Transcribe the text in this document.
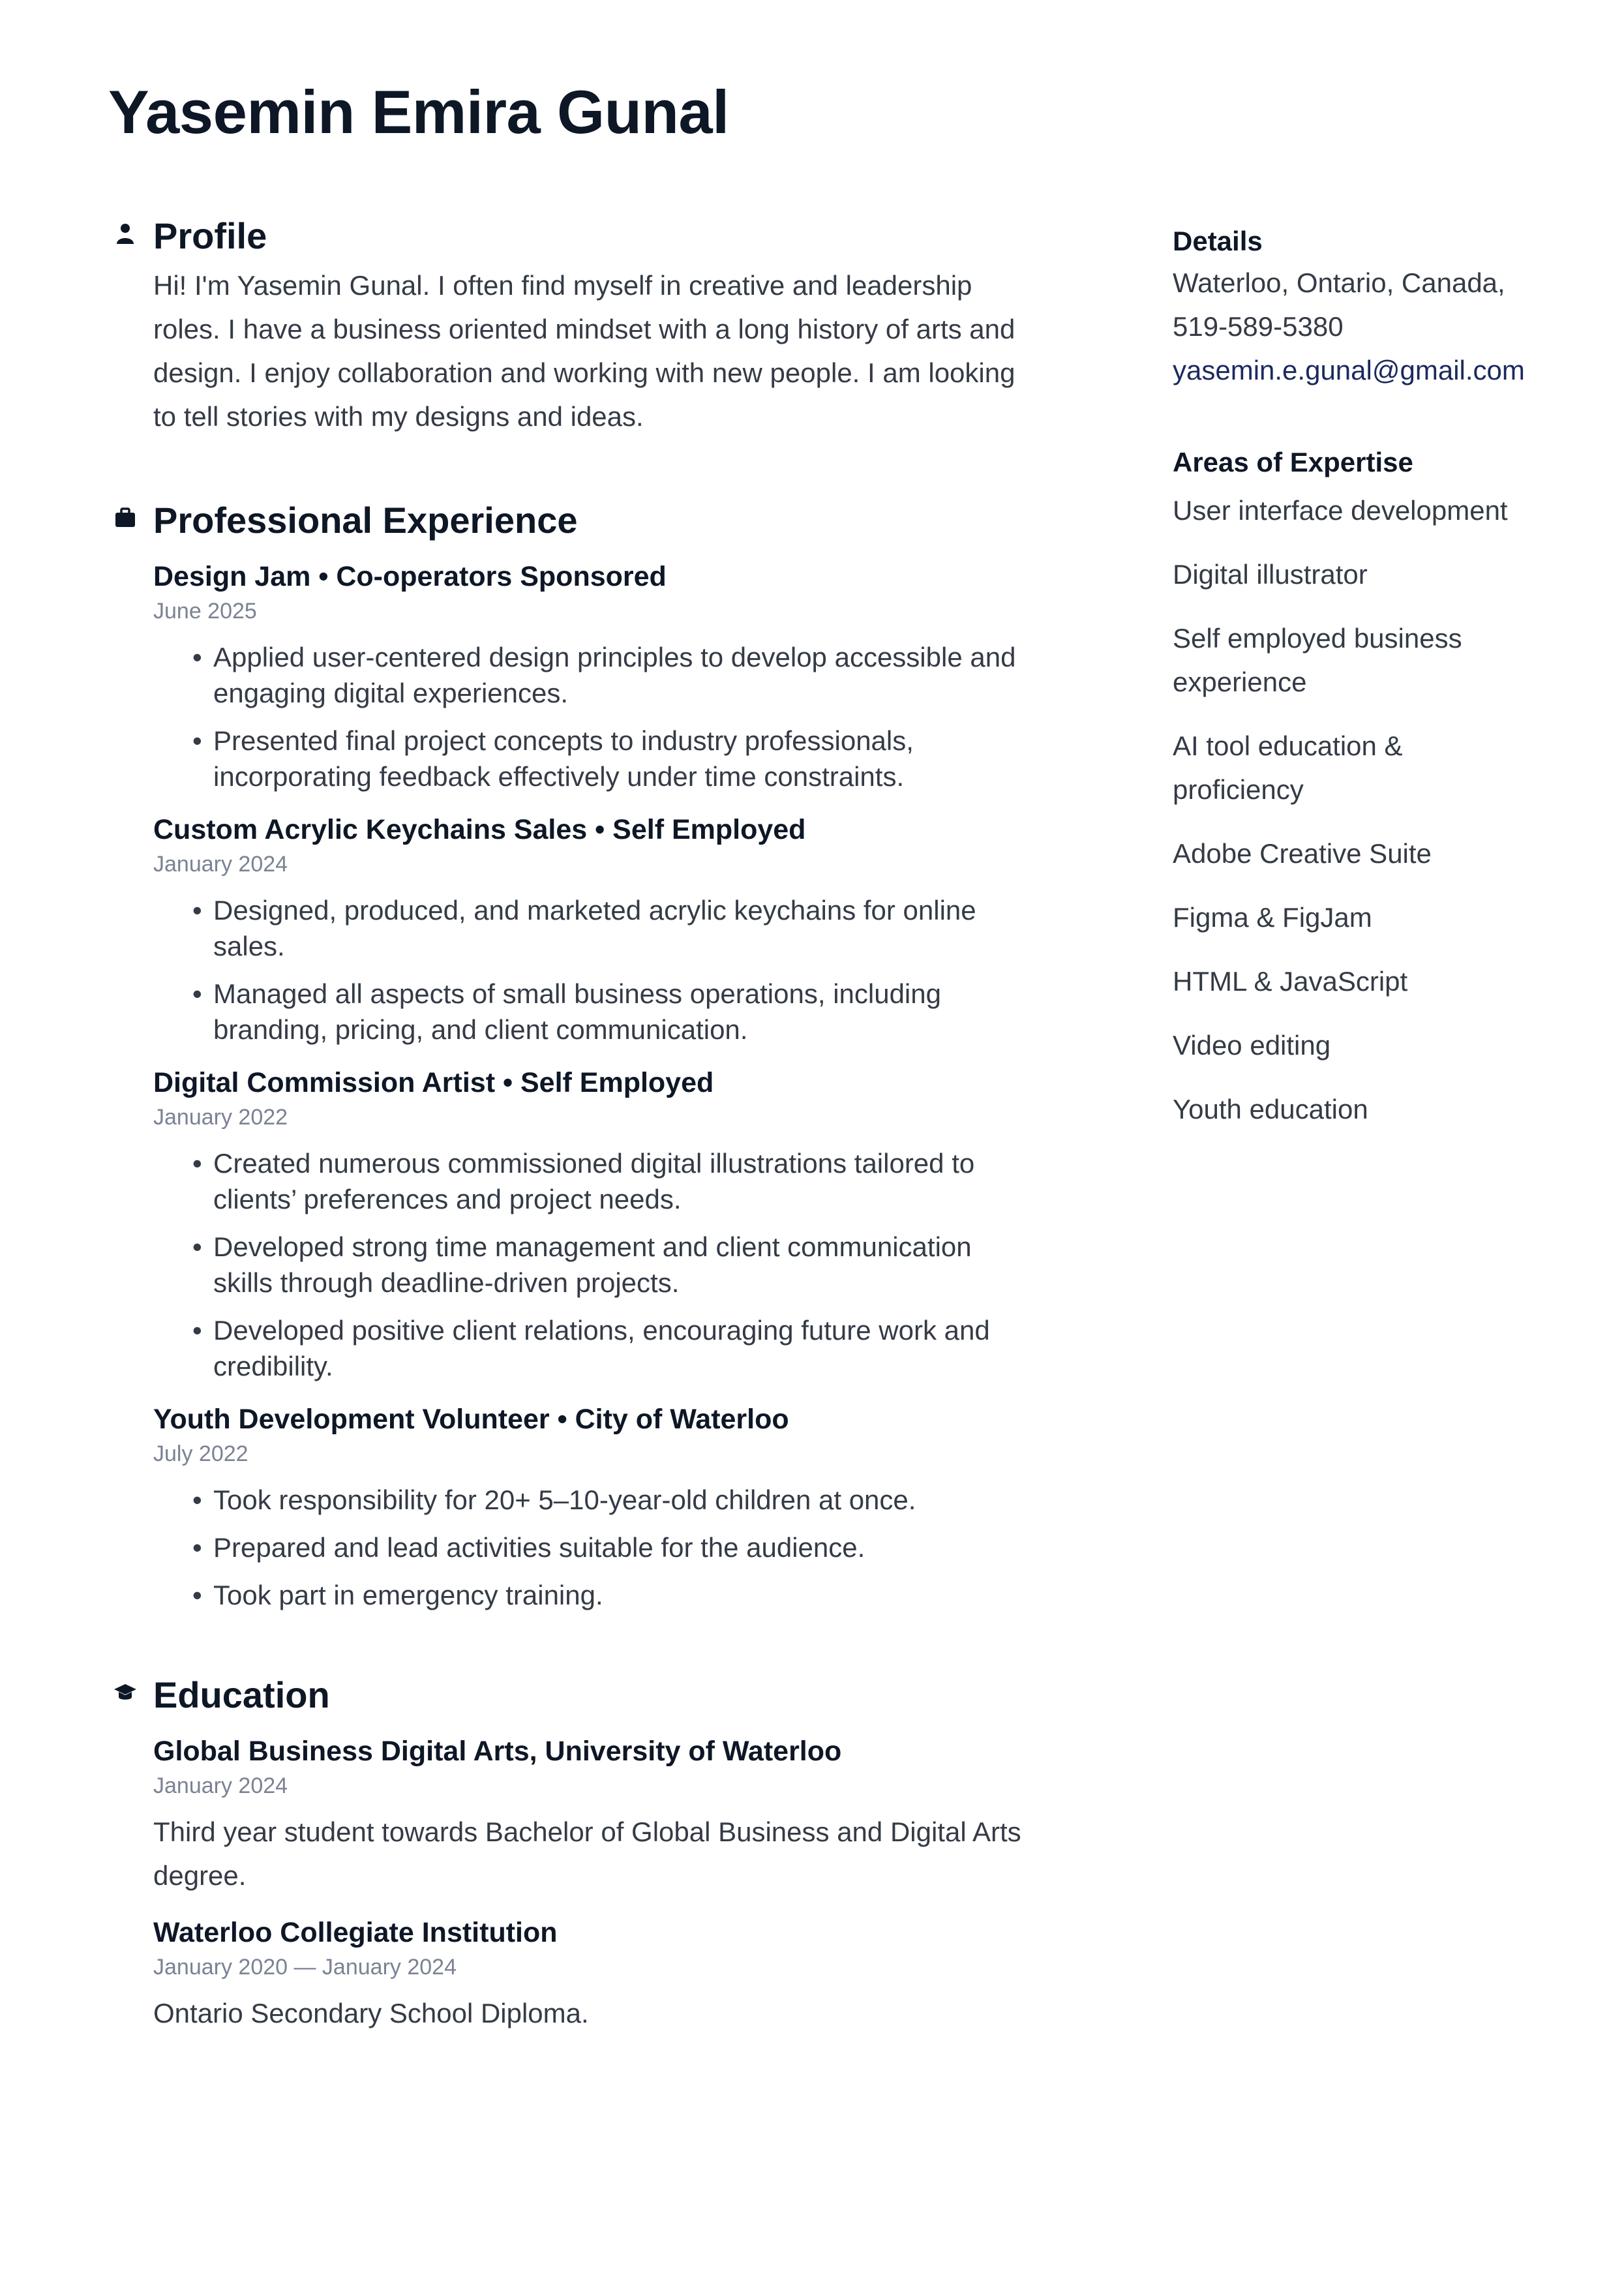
Yasemin Emira Gunal
Profile

Hi! I'm Yasemin Gunal. I often find myself in creative and leadership roles. I have a business oriented mindset with a long history of arts and design. I enjoy collaboration and working with new people. I am looking to tell stories with my designs and ideas.

Professional Experience
Design Jam • Co-operators Sponsored
June 2025
• Applied user-centered design principles to develop accessible and engaging digital experiences.
• Presented final project concepts to industry professionals, incorporating feedback effectively under time constraints.
Custom Acrylic Keychains Sales • Self Employed
January 2024
• Designed, produced, and marketed acrylic keychains for online sales.
• Managed all aspects of small business operations, including branding, pricing, and client communication.
Digital Commission Artist • Self Employed
January 2022
• Created numerous commissioned digital illustrations tailored to clients’ preferences and project needs.
• Developed strong time management and client communication skills through deadline-driven projects.
• Developed positive client relations, encouraging future work and credibility.
Youth Development Volunteer • City of Waterloo
July 2022
• Took responsibility for 20+ 5–10-year-old children at once.
• Prepared and lead activities suitable for the audience.
• Took part in emergency training.
Education
Global Business Digital Arts, University of Waterloo
January 2024
Third year student towards Bachelor of Global Business and Digital Arts degree.
Waterloo Collegiate Institution
January 2020 — January 2024
Ontario Secondary School Diploma.
Details
Waterloo, Ontario, Canada,
519-589-5380
yasemin.e.gunal@gmail.com
Areas of Expertise
User interface development
Digital illustrator
Self employed business experience
AI tool education & proficiency
Adobe Creative Suite
Figma & FigJam
HTML & JavaScript
Video editing
Youth education
